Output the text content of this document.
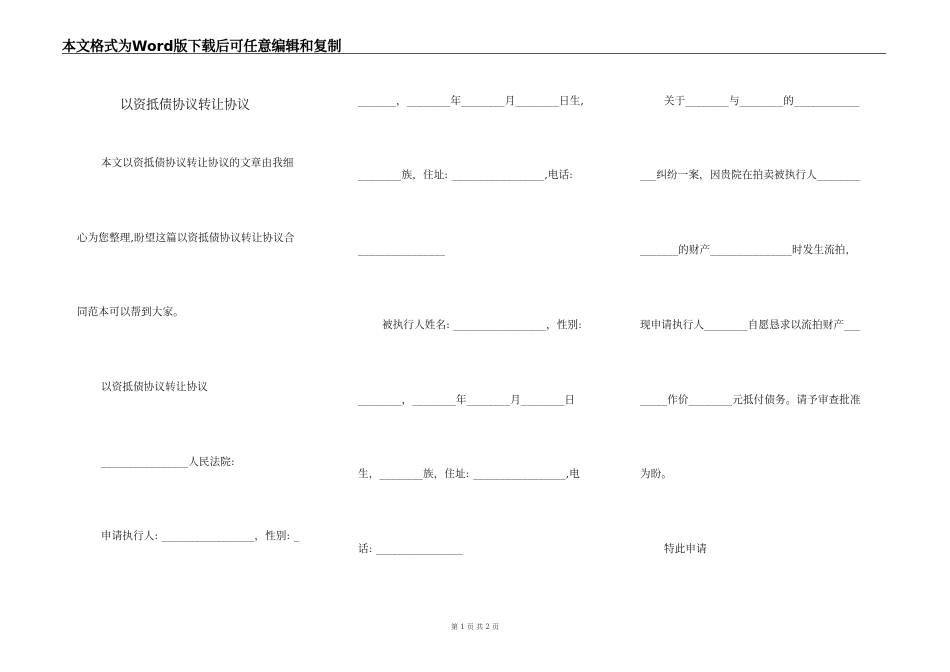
本文格式为Word版下载后可任意编辑和复制
以资抵债协议转让协议
本文以资抵债协议转让协议的文章由我细
心为您整理,盼望这篇以资抵债协议转让协议合
同范本可以帮到大家。
以资抵债协议转让协议
________________人民法院:
申请执行人: _________________，性别: _
_______，________年________月________日生,
________族，住址: _________________,电话:
________________
被执行人姓名: _________________，性别:
________，________年________月________日
生，________族，住址: _________________,电
话: ________________
关于________与________的____________
___纠纷一案，因贵院在拍卖被执行人________
_______的财产_______________时发生流拍，
现申请执行人________自愿恳求以流拍财产___
_____作价________元抵付债务。请予审查批准
为盼。
特此申请
第 1 页 共 2 页
